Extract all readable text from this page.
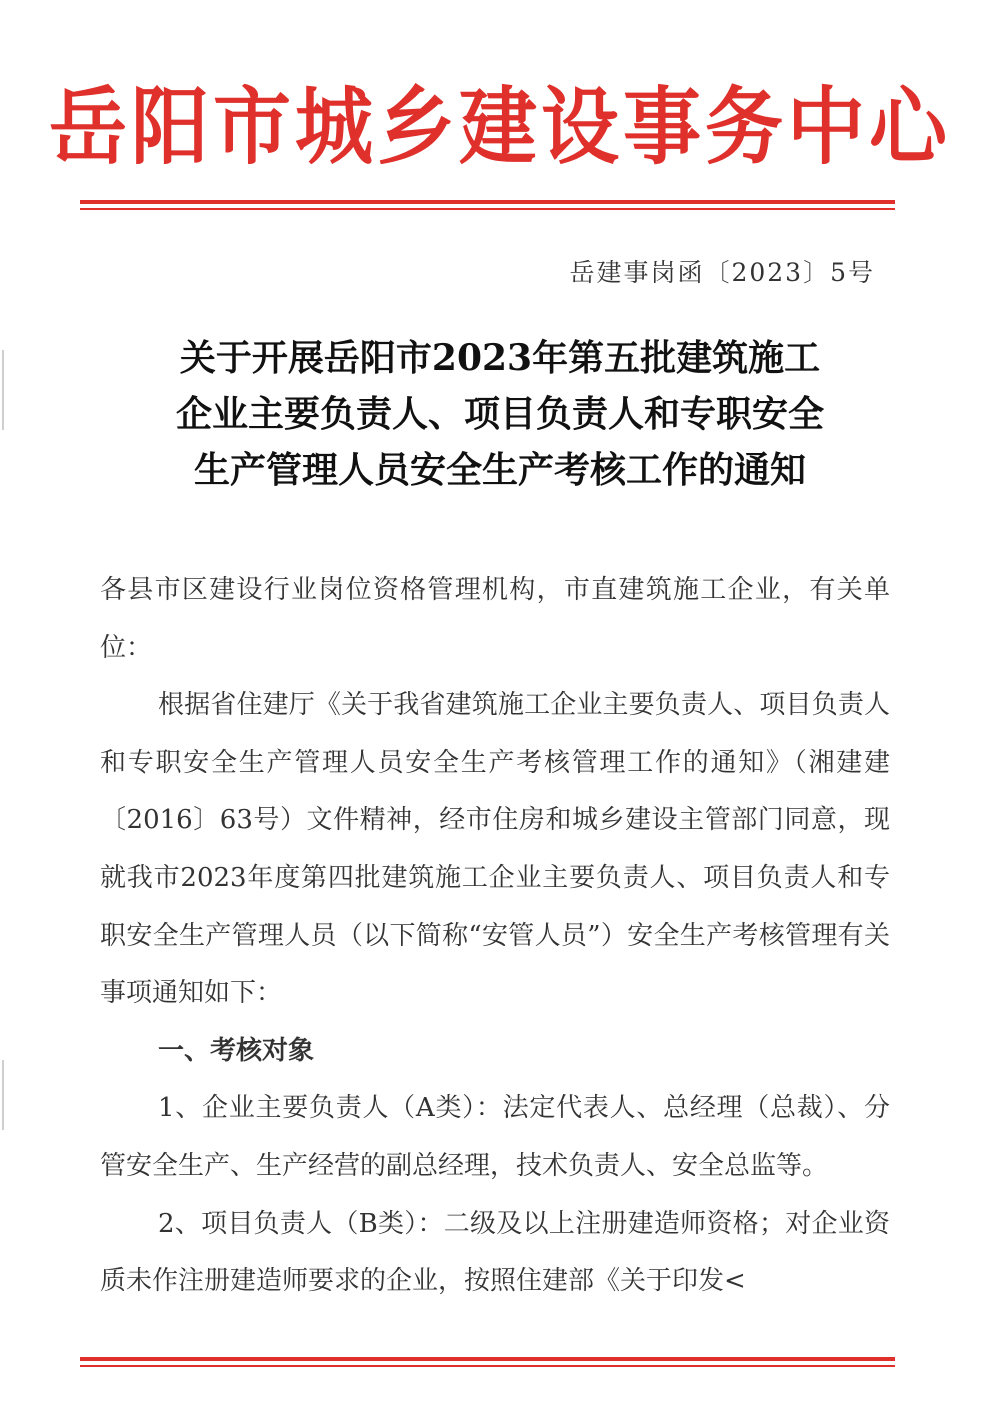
岳阳市城乡建设事务中心
岳建事岗函〔2023〕5号
关于开展岳阳市2023年第五批建筑施工
企业主要负责人、项目负责人和专职安全
生产管理人员安全生产考核工作的通知

各县市区建设行业岗位资格管理机构，市直建筑施工企业，有关单位：

根据省住建厅《关于我省建筑施工企业主要负责人、项目负责人和专职安全生产管理人员安全生产考核管理工作的通知》（湘建建〔2016〕63号）文件精神，经市住房和城乡建设主管部门同意，现就我市2023年度第四批建筑施工企业主要负责人、项目负责人和专职安全生产管理人员（以下简称“安管人员”）安全生产考核管理有关事项通知如下：

一、考核对象

1、企业主要负责人（A类）：法定代表人、总经理（总裁）、分管安全生产、生产经营的副总经理，技术负责人、安全总监等。

2、项目负责人（B类）：二级及以上注册建造师资格；对企业资质未作注册建造师要求的企业，按照住建部《关于印发<
